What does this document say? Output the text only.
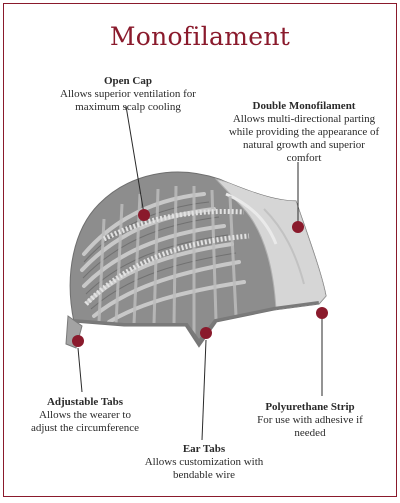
Monofilament
Open Cap
Allows superior ventilation for maximum scalp cooling	Double Monofilament
Allows multi-directional parting while providing the appearance of natural growth and superior comfort
Adjustable Tabs
Allows the wearer to adjust the circumference
Polyurethane Strip
For use with adhesive if needed
Ear Tabs
Allows customization with bendable wire
